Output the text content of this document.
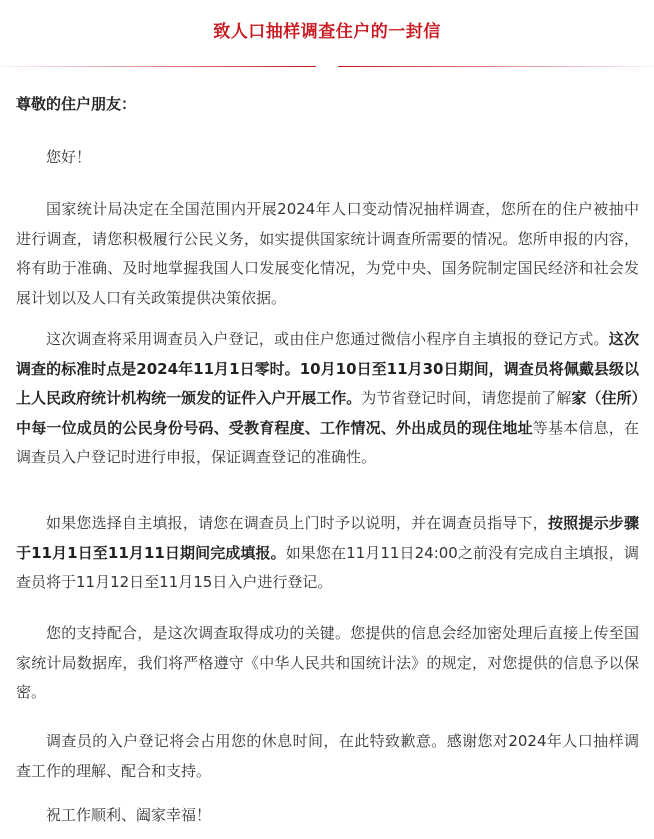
致人口抽样调查住户的一封信
尊敬的住户朋友：

您好！

国家统计局决定在全国范围内开展2024年人口变动情况抽样调查，您所在的住户被抽中进行调查，请您积极履行公民义务，如实提供国家统计调查所需要的情况。您所申报的内容，将有助于准确、及时地掌握我国人口发展变化情况，为党中央、国务院制定国民经济和社会发展计划以及人口有关政策提供决策依据。

这次调查将采用调查员入户登记，或由住户您通过微信小程序自主填报的登记方式。这次调查的标准时点是2024年11月1日零时。10月10日至11月30日期间，调查员将佩戴县级以上人民政府统计机构统一颁发的证件入户开展工作。为节省登记时间，请您提前了解家（住所）中每一位成员的公民身份号码、受教育程度、工作情况、外出成员的现住地址等基本信息，在调查员入户登记时进行申报，保证调查登记的准确性。

如果您选择自主填报，请您在调查员上门时予以说明，并在调查员指导下，按照提示步骤于11月1日至11月11日期间完成填报。如果您在11月11日24:00之前没有完成自主填报，调查员将于11月12日至11月15日入户进行登记。

您的支持配合，是这次调查取得成功的关键。您提供的信息会经加密处理后直接上传至国家统计局数据库，我们将严格遵守《中华人民共和国统计法》的规定，对您提供的信息予以保密。

调查员的入户登记将会占用您的休息时间，在此特致歉意。感谢您对2024年人口抽样调查工作的理解、配合和支持。

祝工作顺利、阖家幸福！
